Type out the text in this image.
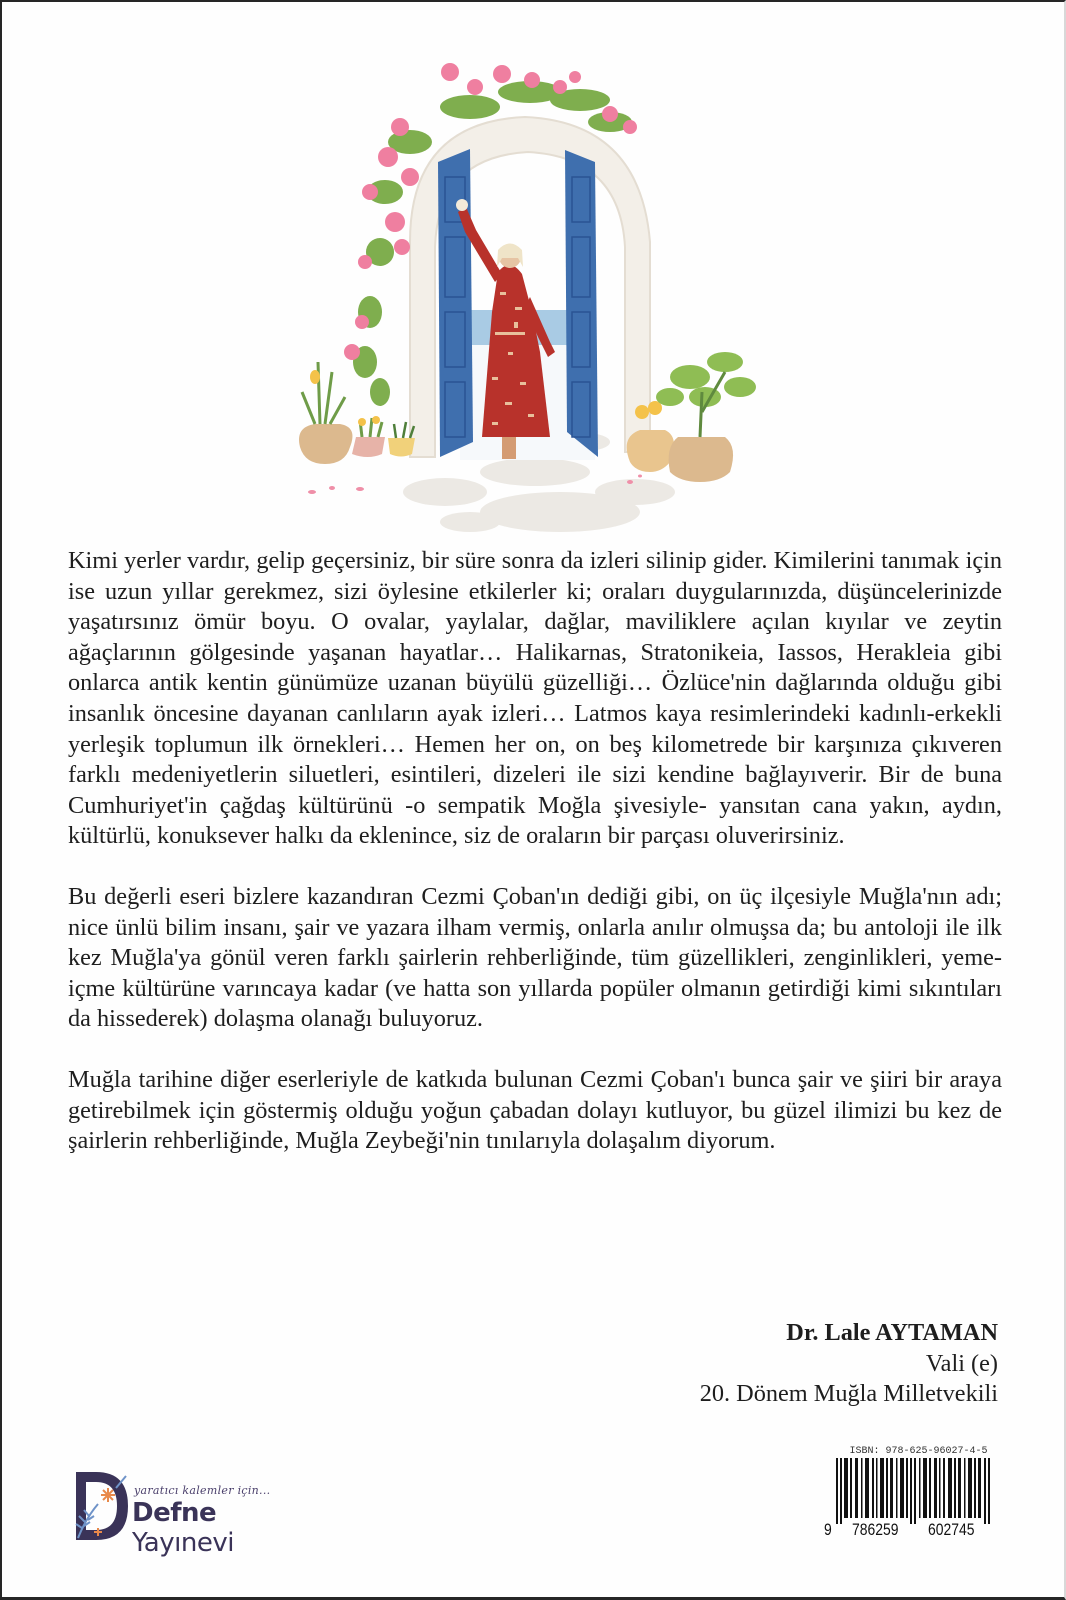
Kimi yerler vardır, gelip geçersiniz, bir süre sonra da izleri silinip gider. Kimilerini tanımak için ise uzun yıllar gerekmez, sizi öylesine etkilerler ki; oraları duygularınızda, düşüncelerinizde yaşatırsınız ömür boyu. O ovalar, yaylalar, dağlar, maviliklere açılan kıyılar ve zeytin ağaçlarının gölgesinde yaşanan hayatlar… Halikarnas, Stratonikeia, Iassos, Herakleia gibi onlarca antik kentin günümüze uzanan büyülü güzelliği… Özlüce'nin dağlarında olduğu gibi insanlık öncesine dayanan canlıların ayak izleri… Latmos kaya resimlerindeki kadınlı-erkekli yerleşik toplumun ilk örnekleri… Hemen her on, on beş kilometrede bir karşınıza çıkıveren farklı medeniyetlerin siluetleri, esintileri, dizeleri ile sizi kendine bağlayıverir. Bir de buna Cumhuriyet'in çağdaş kültürünü -o sempatik Moğla şivesiyle- yansıtan cana yakın, aydın, kültürlü, konuksever halkı da eklenince, siz de oraların bir parçası oluverirsiniz.

Bu değerli eseri bizlere kazandıran Cezmi Çoban'ın dediği gibi, on üç ilçesiyle Muğla'nın adı; nice ünlü bilim insanı, şair ve yazara ilham vermiş, onlarla anılır olmuşsa da; bu antoloji ile ilk kez Muğla'ya gönül veren farklı şairlerin rehberliğinde, tüm güzellikleri, zenginlikleri, yeme-içme kültürüne varıncaya kadar (ve hatta son yıllarda popüler olmanın getirdiği kimi sıkıntıları da hissederek) dolaşma olanağı buluyoruz.

Muğla tarihine diğer eserleriyle de katkıda bulunan Cezmi Çoban'ı bunca şair ve şiiri bir araya getirebilmek için göstermiş olduğu yoğun çabadan dolayı kutluyor, bu güzel ilimizi bu kez de şairlerin rehberliğinde, Muğla Zeybeği'nin tınılarıyla dolaşalım diyorum.

Dr. Lale AYTAMAN
Vali (e)
20. Dönem Muğla Milletvekili
yaratıcı kalemler için...
Defne Yayınevi
ISBN: 978-625-96027-4-5
9 786259 602745
